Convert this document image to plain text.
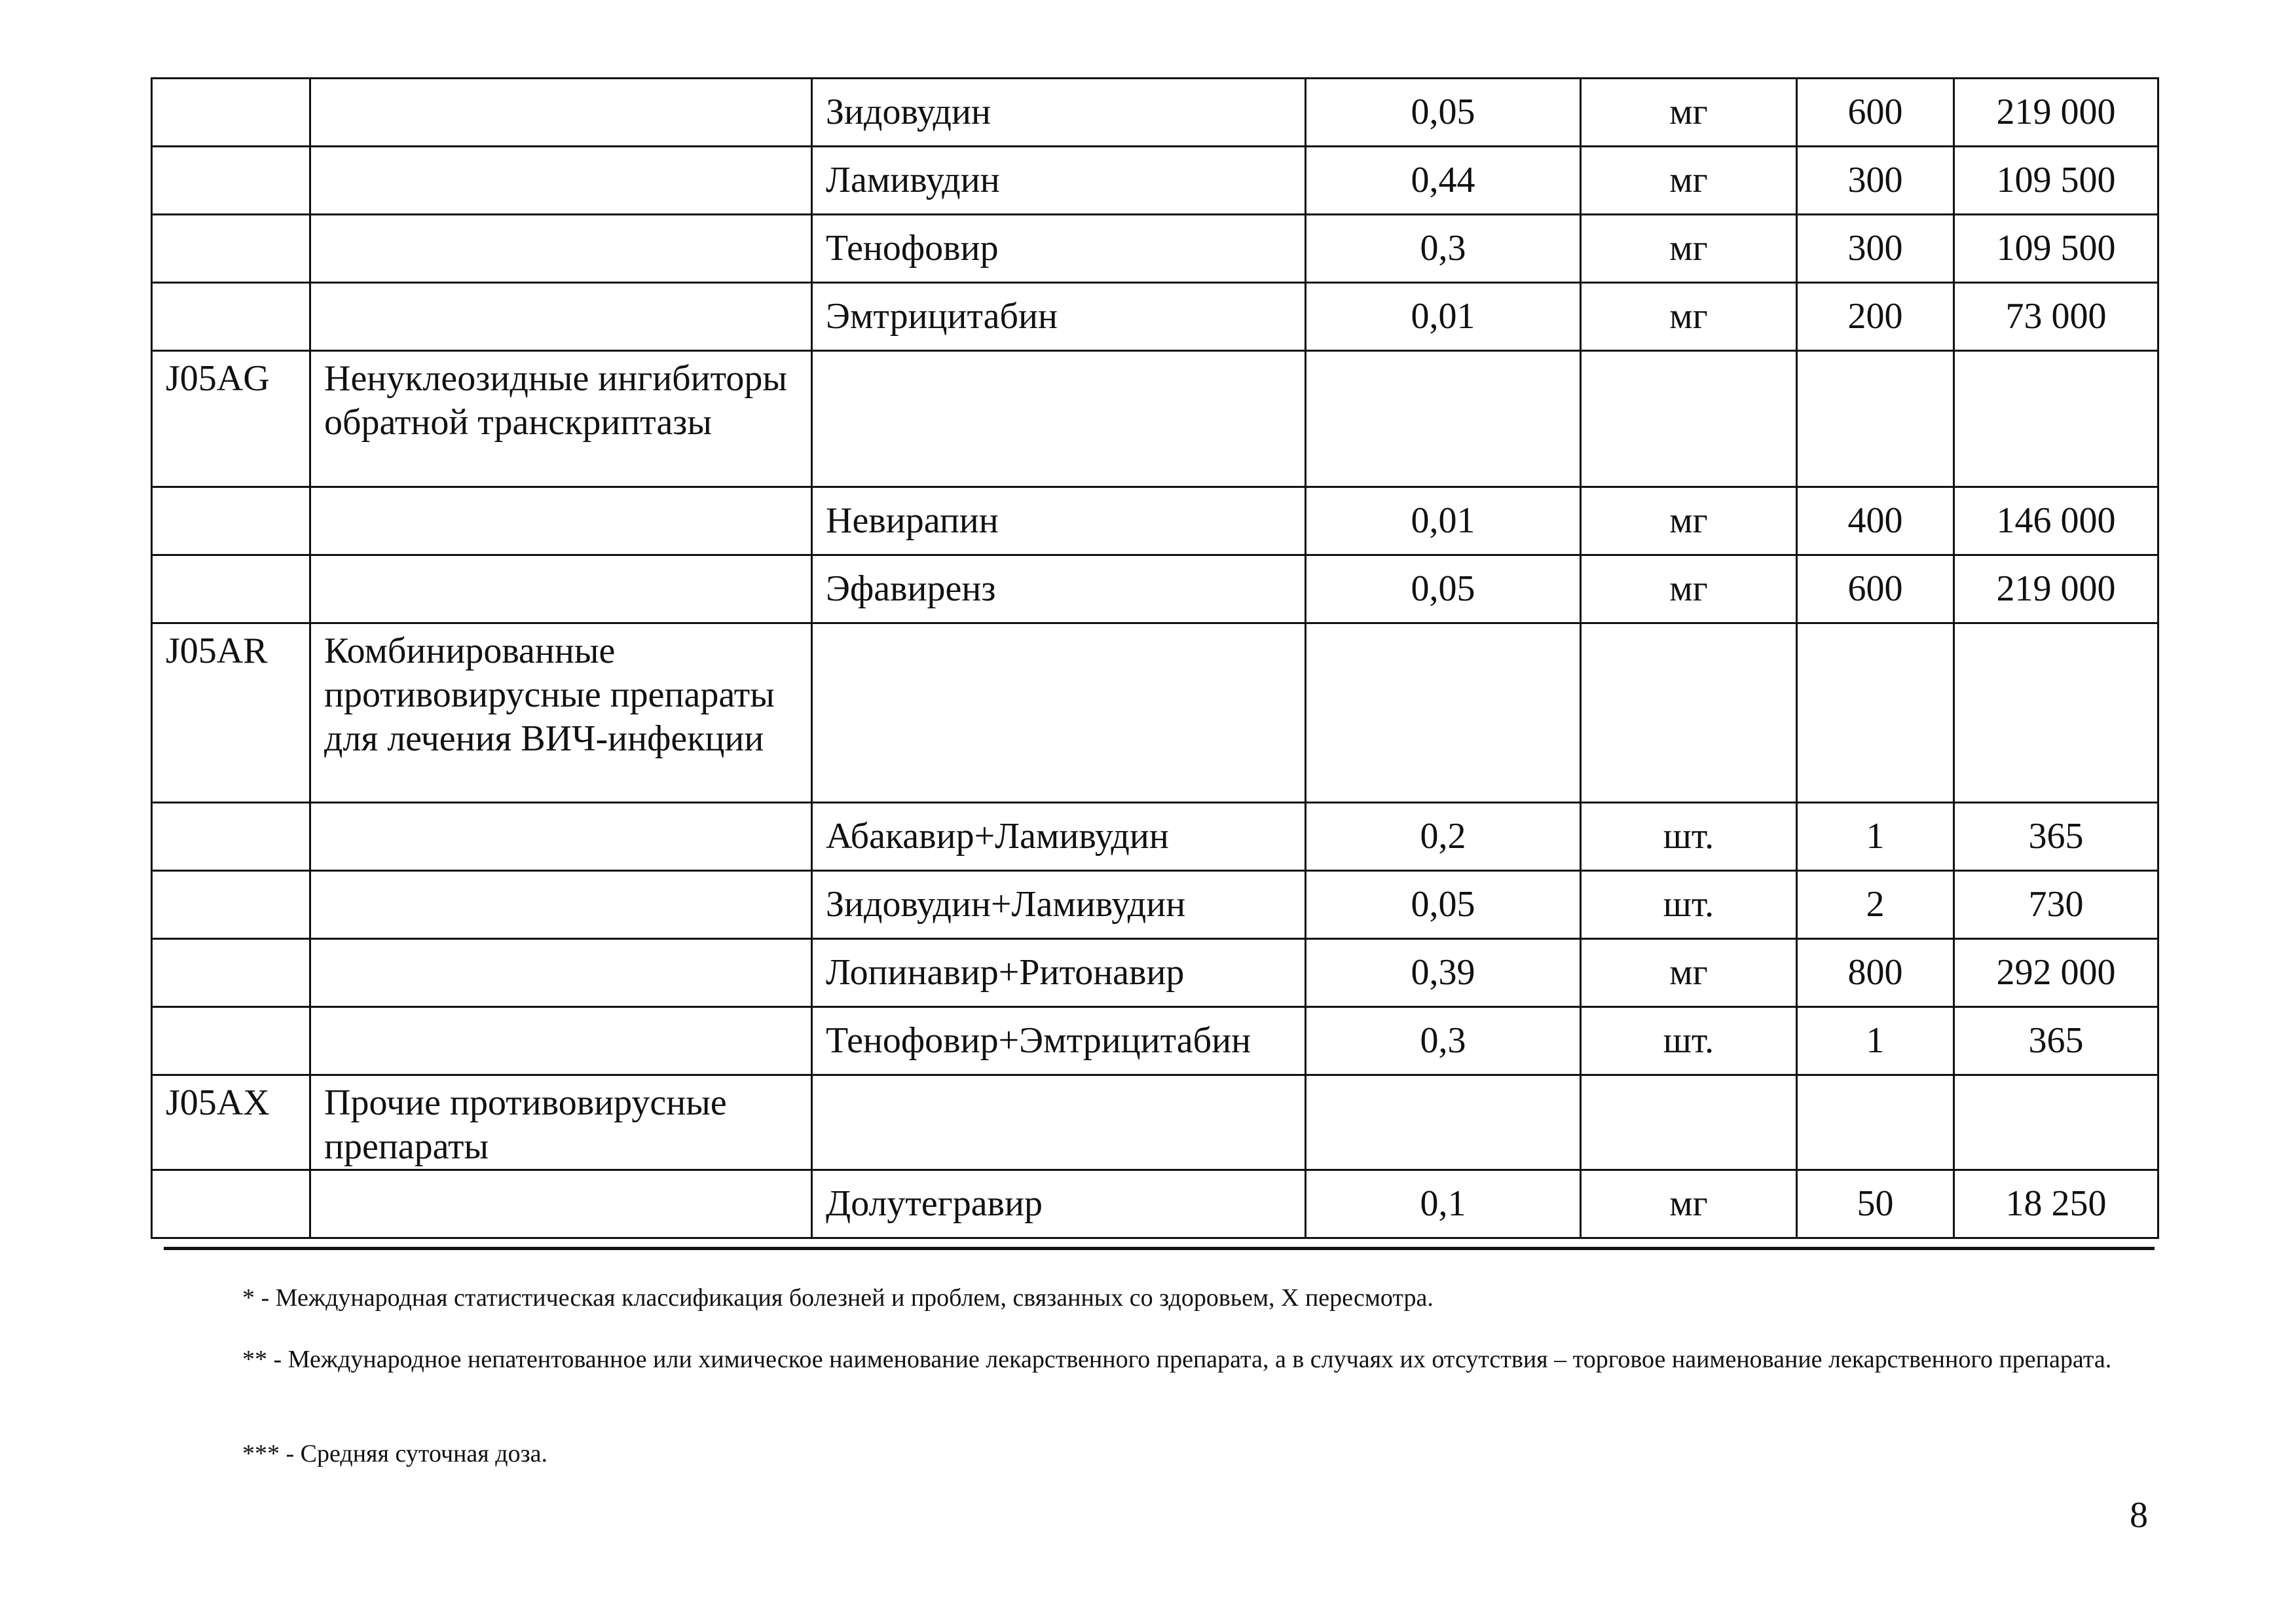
		Зидовудин	0,05	мг	600	219 000
		Ламивудин	0,44	мг	300	109 500
		Тенофовир	0,3	мг	300	109 500
		Эмтрицитабин	0,01	мг	200	73 000
J05AG	Ненуклеозидные ингибиторы обратной транскриптазы					
		Невирапин	0,01	мг	400	146 000
		Эфавиренз	0,05	мг	600	219 000
J05AR	Комбинированные противовирусные препараты для лечения ВИЧ-инфекции					
		Абакавир+Ламивудин	0,2	шт.	1	365
		Зидовудин+Ламивудин	0,05	шт.	2	730
		Лопинавир+Ритонавир	0,39	мг	800	292 000
		Тенофовир+Эмтрицитабин	0,3	шт.	1	365
J05AX	Прочие противовирусные препараты					
		Долутегравир	0,1	мг	50	18 250
* - Международная статистическая классификация болезней и проблем, связанных со здоровьем, X пересмотра.
** - Международное непатентованное или химическое наименование лекарственного препарата, а в случаях их отсутствия – торговое наименование лекарственного препарата.
*** - Средняя суточная доза.
8
